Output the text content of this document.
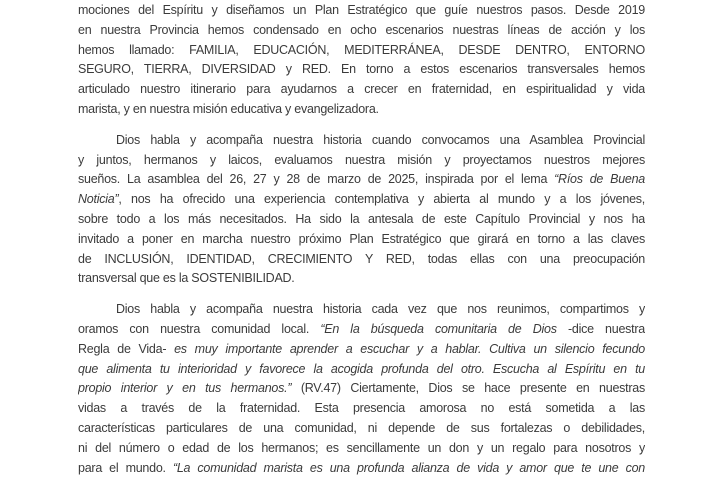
mociones del Espíritu y diseñamos un Plan Estratégico que guíe nuestros pasos. Desde 2019
en nuestra Provincia hemos condensado en ocho escenarios nuestras líneas de acción y los
hemos llamado: FAMILIA, EDUCACIÓN, MEDITERRÁNEA, DESDE DENTRO, ENTORNO
SEGURO, TIERRA, DIVERSIDAD y RED. En torno a estos escenarios transversales hemos
articulado nuestro itinerario para ayudarnos a crecer en fraternidad, en espiritualidad y vida
marista, y en nuestra misión educativa y evangelizadora.
Dios habla y acompaña nuestra historia cuando convocamos una Asamblea Provincial
y juntos, hermanos y laicos, evaluamos nuestra misión y proyectamos nuestros mejores
sueños. La asamblea del 26, 27 y 28 de marzo de 2025, inspirada por el lema “Ríos de Buena
Noticia”, nos ha ofrecido una experiencia contemplativa y abierta al mundo y a los jóvenes,
sobre todo a los más necesitados. Ha sido la antesala de este Capítulo Provincial y nos ha
invitado a poner en marcha nuestro próximo Plan Estratégico que girará en torno a las claves
de INCLUSIÓN, IDENTIDAD, CRECIMIENTO Y RED, todas ellas con una preocupación
transversal que es la SOSTENIBILIDAD.
Dios habla y acompaña nuestra historia cada vez que nos reunimos, compartimos y
oramos con nuestra comunidad local. “En la búsqueda comunitaria de Dios -dice nuestra
Regla de Vida- es muy importante aprender a escuchar y a hablar. Cultiva un silencio fecundo
que alimenta tu interioridad y favorece la acogida profunda del otro. Escucha al Espíritu en tu
propio interior y en tus hermanos.” (RV.47) Ciertamente, Dios se hace presente en nuestras
vidas a través de la fraternidad. Esta presencia amorosa no está sometida a las
características particulares de una comunidad, ni depende de sus fortalezas o debilidades,
ni del número o edad de los hermanos; es sencillamente un don y un regalo para nosotros y
para el mundo. “La comunidad marista es una profunda alianza de vida y amor que te une con
